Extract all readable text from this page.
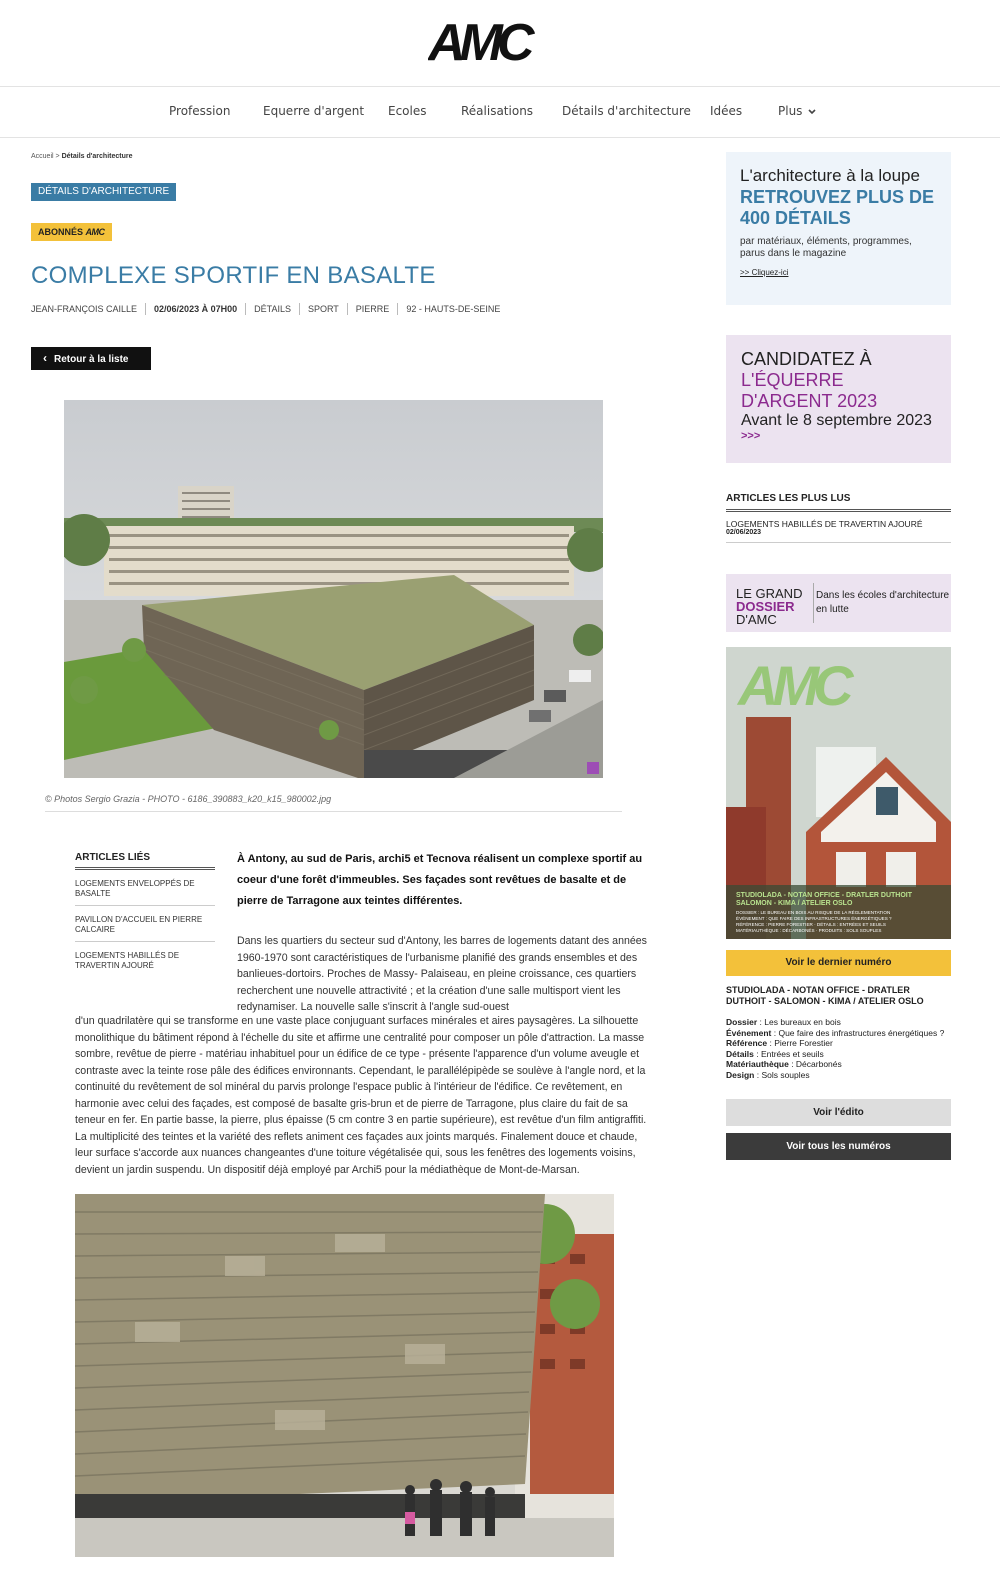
AMC
Profession	Equerre d'argent Ecoles	Réalisations Détails d'architecture Idées	Plus
Accueil > Détails d'architecture
DÉTAILS D'ARCHITECTURE
ABONNÉS AMC
COMPLEXE SPORTIF EN BASALTE
JEAN-FRANÇOIS CAILLE	02/06/2023 À 07H00	DÉTAILS	SPORT	PIERRE	92 - HAUTS-DE-SEINE
‹ Retour à la liste
© Photos Sergio Grazia - PHOTO - 6186_390883_k20_k15_980002.jpg
ARTICLES LIÉS
LOGEMENTS ENVELOPPÉS DE BASALTE
PAVILLON D'ACCUEIL EN PIERRE CALCAIRE
LOGEMENTS HABILLÉS DE TRAVERTIN AJOURÉ
À Antony, au sud de Paris, archi5 et Tecnova réalisent un complexe sportif au coeur d'une forêt d'immeubles. Ses façades sont revêtues de basalte et de pierre de Tarragone aux teintes différentes.
Dans les quartiers du secteur sud d'Antony, les barres de logements datant des années 1960-1970 sont caractéristiques de l'urbanisme planifié des grands ensembles et des banlieues-dortoirs. Proches de Massy- Palaiseau, en pleine croissance, ces quartiers recherchent une nouvelle attractivité ; et la création d'une salle multisport vient les redynamiser. La nouvelle salle s'inscrit à l'angle sud-ouest
d'un quadrilatère qui se transforme en une vaste place conjuguant surfaces minérales et aires paysagères. La silhouette monolithique du bâtiment répond à l'échelle du site et affirme une centralité pour composer un pôle d'attraction. La masse sombre, revêtue de pierre - matériau inhabituel pour un édifice de ce type - présente l'apparence d'un volume aveugle et contraste avec la teinte rose pâle des édifices environnants. Cependant, le parallélépipède se soulève à l'angle nord, et la continuité du revêtement de sol minéral du parvis prolonge l'espace public à l'intérieur de l'édifice. Ce revêtement, en harmonie avec celui des façades, est composé de basalte gris-brun et de pierre de Tarragone, plus claire du fait de sa teneur en fer. En partie basse, la pierre, plus épaisse (5 cm contre 3 en partie supérieure), est revêtue d'un film antigraffiti. La multiplicité des teintes et la variété des reflets animent ces façades aux joints marqués. Finalement douce et chaude, leur surface s'accorde aux nuances changeantes d'une toiture végétalisée qui, sous les fenêtres des logements voisins, devient un jardin suspendu. Un dispositif déjà employé par Archi5 pour la médiathèque de Mont-de-Marsan.
L'architecture à la loupe
RETROUVEZ PLUS DE 400 DÉTAILS
par matériaux, éléments, programmes, parus dans le magazine
>> Cliquez-ici
CANDIDATEZ À
L'ÉQUERRE D'ARGENT 2023
Avant le 8 septembre 2023
>>>
ARTICLES LES PLUS LUS
LOGEMENTS HABILLÉS DE TRAVERTIN AJOURÉ
02/06/2023
LE GRAND
DOSSIER
D'AMC
Dans les écoles d'architecture en lutte
AMC
STUDIOLADA - NOTAN OFFICE - DRATLER DUTHOIT
SALOMON - KIMA / ATELIER OSLO
DOSSIER : LE BUREAU EN BOIS AU RISQUE DE LA RÉGLEMENTATION
ÉVÉNEMENT : QUE FAIRE DES INFRASTRUCTURES ÉNERGÉTIQUES ?
RÉFÉRENCE : PIERRE FORESTIER · DÉTAILS : ENTRÉES ET SEUILS
MATÉRIAUTHÈQUE : DÉCARBONÉS · PRODUITS : SOLS SOUPLES
Voir le dernier numéro
STUDIOLADA - NOTAN OFFICE - DRATLER DUTHOIT - SALOMON - KIMA / ATELIER OSLO
Dossier : Les bureaux en bois
Événement : Que faire des infrastructures énergétiques ?
Référence : Pierre Forestier
Détails : Entrées et seuils
Matériauthèque : Décarbonés
Design : Sols souples
Voir l'édito
Voir tous les numéros
